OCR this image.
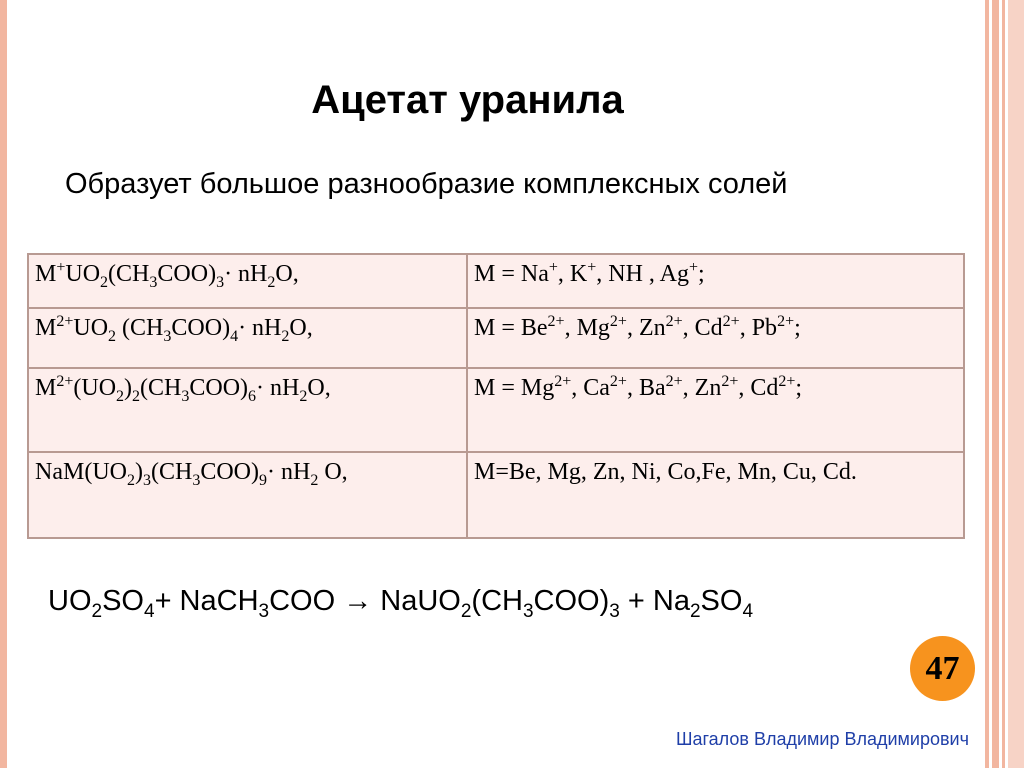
Ацетат уранила
Образует большое разнообразие комплексных солей
$M^+UO_2(CH_3COO)_3\cdot nH_2O$,	M = Na+, K+, NH , Ag+;
$M^{2+}UO_2$ $(CH_3COO)_4\cdot nH_2O$,	$M = Be^{2+}$, $Mg^{2+}$, $Zn^{2+}$, $Cd^{2+}$, $Pb^{2+}$;
$M^{2+}(UO_2)_2(CH_3COO)_6\cdot nH_2O$,	$M = Mg^{2+}$, $Ca^{2+}$, $Ba^{2+}$, $Zn^{2+}$, $Cd^{2+}$;
$NaM(UO_2)_3(CH_3COO)_9\cdot nH_2$ O,	M=Be, Mg, Zn, Ni, Co,Fe, Mn, Cu, Cd.
$UO_2SO_4+$ NaCH$_3$COO → $NaUO_2(CH_3COO)_3 + Na_2SO_4$
47
Шагалов Владимир Владимирович
